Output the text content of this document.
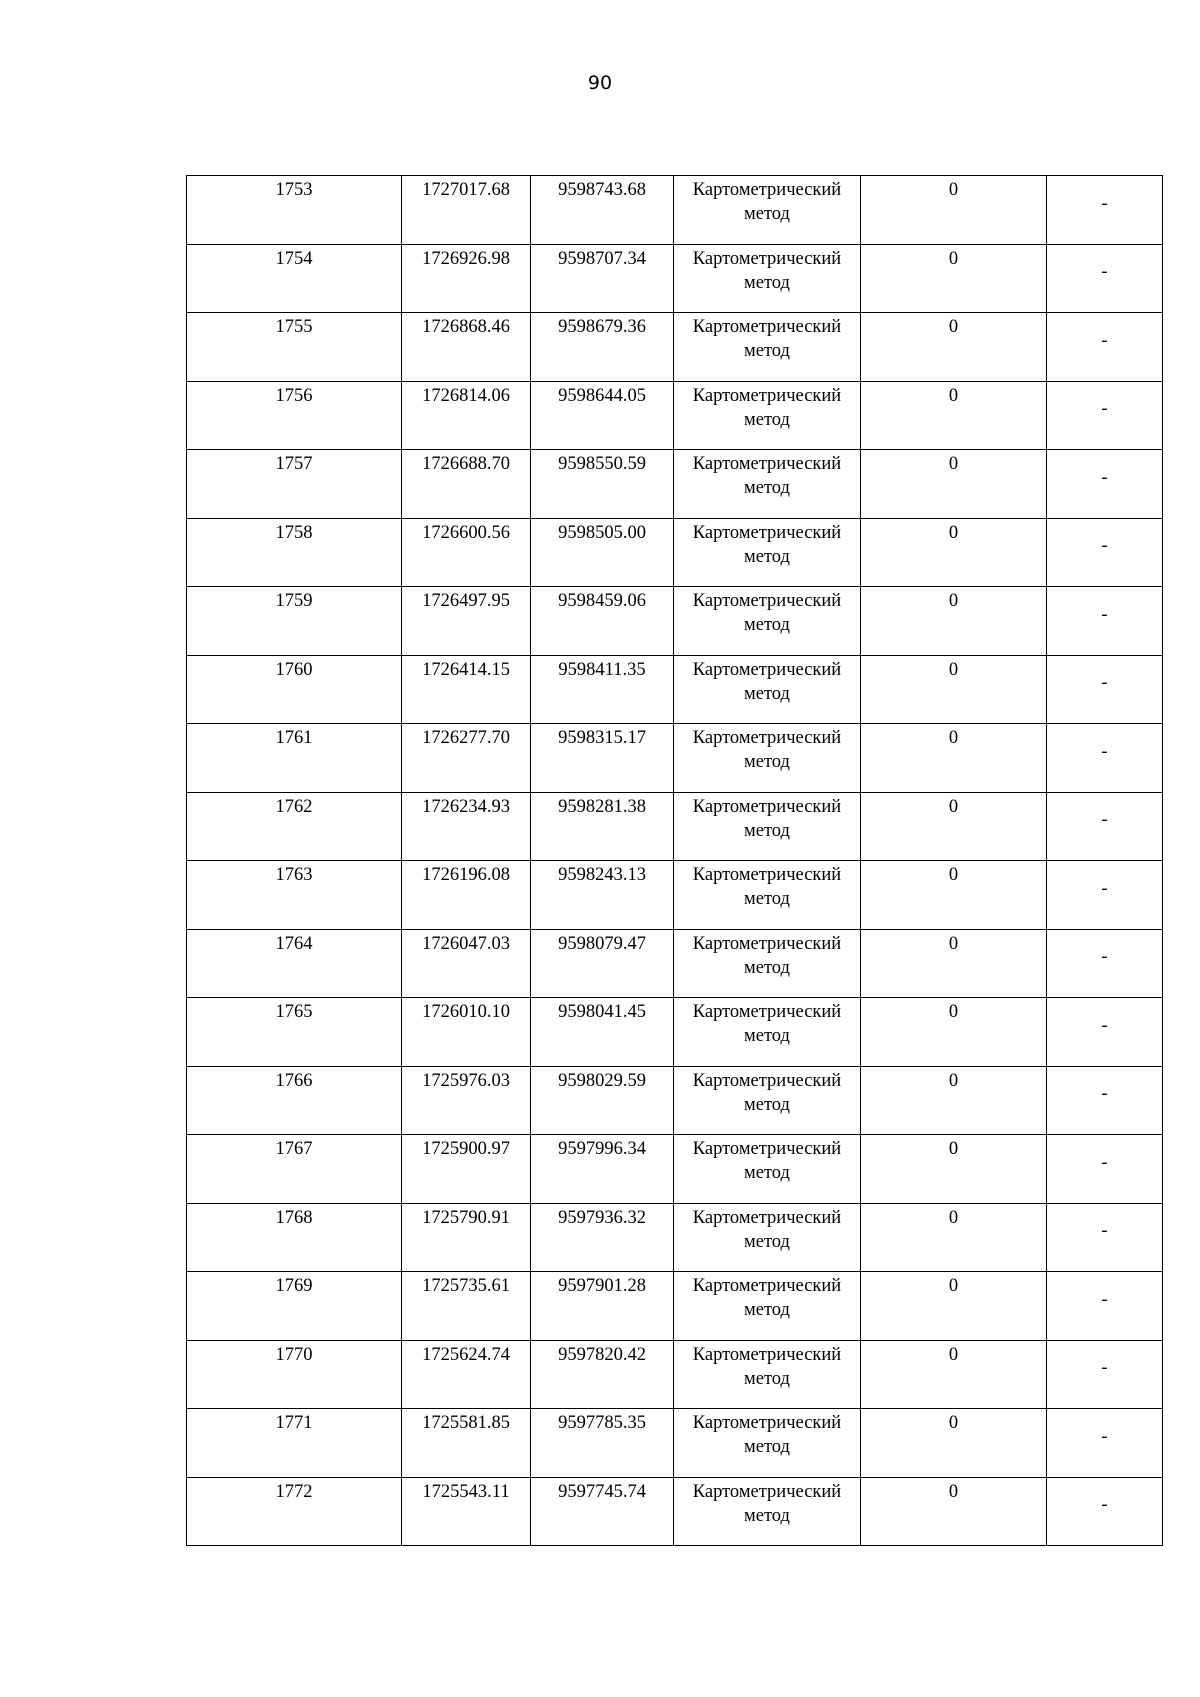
90
1753	1727017.68	9598743.68	Картометрический метод	0	-

1754	1726926.98	9598707.34	Картометрический метод	0	-

1755	1726868.46	9598679.36	Картометрический метод	0	-

1756	1726814.06	9598644.05	Картометрический метод	0	-

1757	1726688.70	9598550.59	Картометрический метод	0	-

1758	1726600.56	9598505.00	Картометрический метод	0	-

1759	1726497.95	9598459.06	Картометрический метод	0	-

1760	1726414.15	9598411.35	Картометрический метод	0	-

1761	1726277.70	9598315.17	Картометрический метод	0	-

1762	1726234.93	9598281.38	Картометрический метод	0	-

1763	1726196.08	9598243.13	Картометрический метод	0	-

1764	1726047.03	9598079.47	Картометрический метод	0	-

1765	1726010.10	9598041.45	Картометрический метод	0	-

1766	1725976.03	9598029.59	Картометрический метод	0	-

1767	1725900.97	9597996.34	Картометрический метод	0	-

1768	1725790.91	9597936.32	Картометрический метод	0	-

1769	1725735.61	9597901.28	Картометрический метод	0	-

1770	1725624.74	9597820.42	Картометрический метод	0	-

1771	1725581.85	9597785.35	Картометрический метод	0	-

1772	1725543.11	9597745.74	Картометрический метод	0	-
